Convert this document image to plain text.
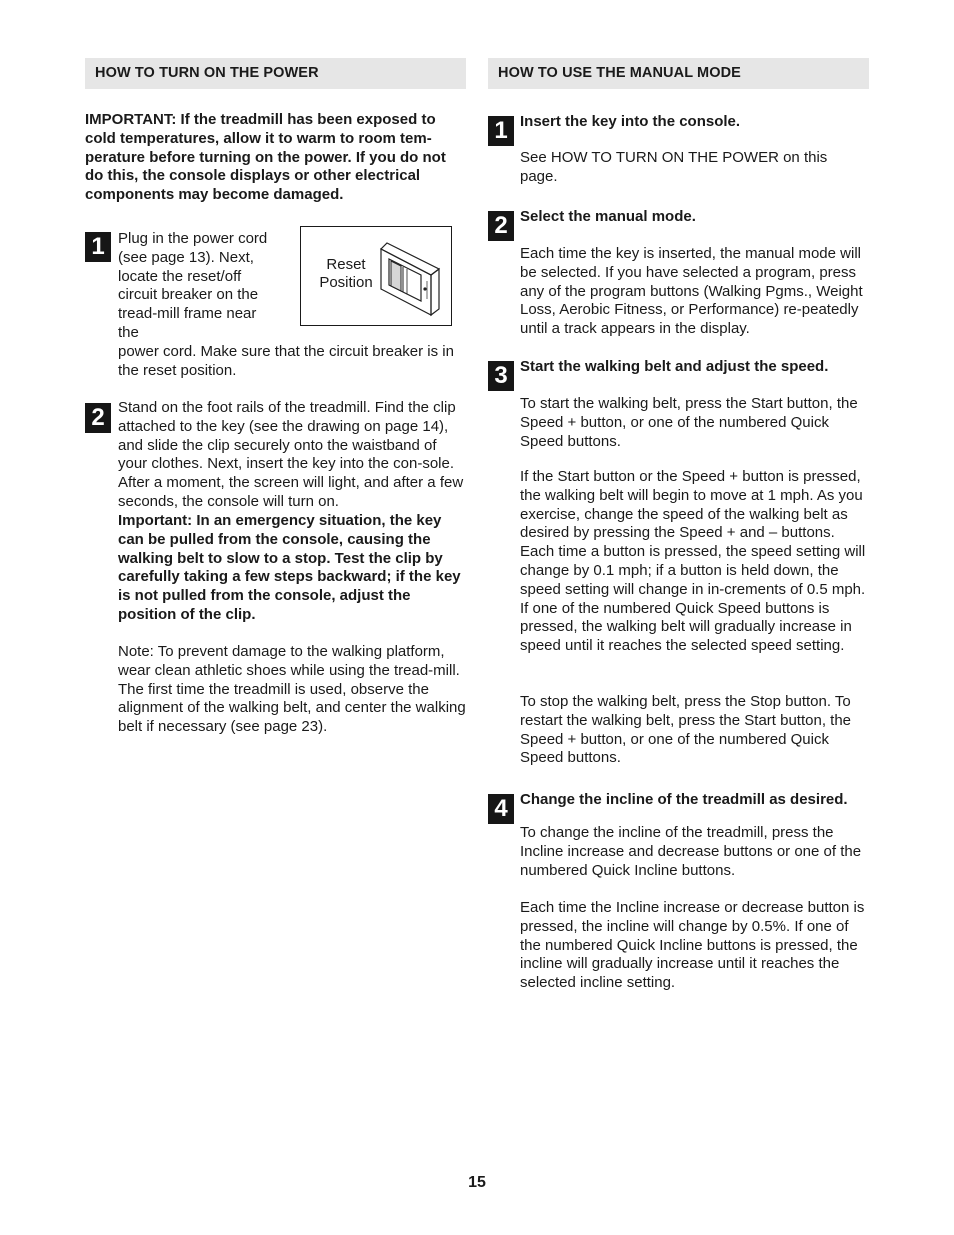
HOW TO TURN ON THE POWER

IMPORTANT: If the treadmill has been exposed to cold temperatures, allow it to warm to room tem-perature before turning on the power. If you do not do this, the console displays or other electrical components may become damaged.

1 Plug in the power cord (see page 13). Next, locate the reset/off circuit breaker on the tread-mill frame near the

power cord. Make sure that the circuit breaker is in the reset position.

Reset
Position
2 Stand on the foot rails of the treadmill. Find the clip attached to the key (see the drawing on page 14), and slide the clip securely onto the waistband of your clothes. Next, insert the key into the con-sole. After a moment, the screen will light, and after a few seconds, the console will turn on.

Important: In an emergency situation, the key can be pulled from the console, causing the walking belt to slow to a stop. Test the clip by carefully taking a few steps backward; if the key is not pulled from the console, adjust the position of the clip.

Note: To prevent damage to the walking platform, wear clean athletic shoes while using the tread-mill. The first time the treadmill is used, observe the alignment of the walking belt, and center the walking belt if necessary (see page 23).

HOW TO USE THE MANUAL MODE
1 Insert the key into the console.

See HOW TO TURN ON THE POWER on this page.

2 Select the manual mode.

Each time the key is inserted, the manual mode will be selected. If you have selected a program, press any of the program buttons (Walking Pgms., Weight Loss, Aerobic Fitness, or Performance) re-peatedly until a track appears in the display.

3 Start the walking belt and adjust the speed.

To start the walking belt, press the Start button, the Speed + button, or one of the numbered Quick Speed buttons.

If the Start button or the Speed + button is pressed, the walking belt will begin to move at 1 mph. As you exercise, change the speed of the walking belt as desired by pressing the Speed + and – buttons. Each time a button is pressed, the speed setting will change by 0.1 mph; if a button is held down, the speed setting will change in in-crements of 0.5 mph. If one of the numbered Quick Speed buttons is pressed, the walking belt will gradually increase in speed until it reaches the selected speed setting.

To stop the walking belt, press the Stop button. To restart the walking belt, press the Start button, the Speed + button, or one of the numbered Quick Speed buttons.

4 Change the incline of the treadmill as desired.

To change the incline of the treadmill, press the Incline increase and decrease buttons or one of the numbered Quick Incline buttons.

Each time the Incline increase or decrease button is pressed, the incline will change by 0.5%. If one of the numbered Quick Incline buttons is pressed, the incline will gradually increase until it reaches the selected incline setting.

15
